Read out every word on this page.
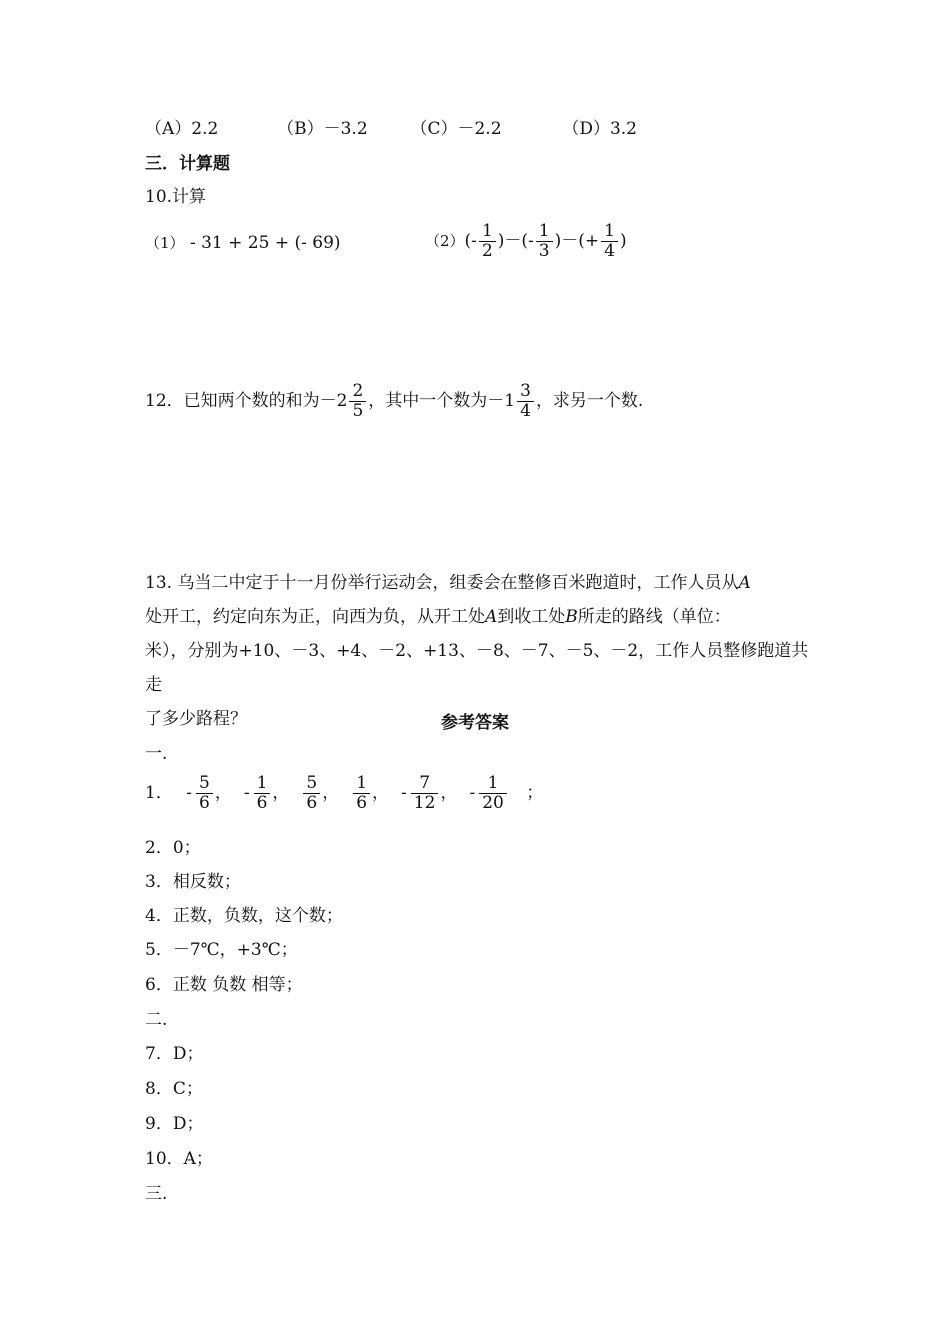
（A）2.2	（B）－3.2	（C）－2.2	（D）3.2
三．计算题
10.计算
（1） - 31 + 25 + (- 69)	$(2)(- \frac{1}{2}$ )－(- $\frac{1}{3}$ )－(+ $\frac{1}{4}$ )
12．已知两个数的和为$-2 \frac{2}{5}$ ，其中一个数为$-1 \frac{3}{4}$ ，求另一个数.
13. 乌当二中定于十一月份举行运动会，组委会在整修百米跑道时，工作人员从A
处开工，约定向东为正，向西为负，从开工处A到收工处B所走的路线（单位：
米），分别为+10、－3、+4、－2、+13、－8、－7、－5、－2，工作人员整修跑道共走
了多少路程？	参考答案
一.
1． - $\frac{5}{6}$ ， - $\frac{1}{6}$ ， $\frac{5}{6}$ ， $\frac{1}{6}$ ， - $\frac{7}{12}$ ， - $\frac{1}{20}$ ；
2．0；
3．相反数；
4．正数，负数，这个数；
5．－7℃，+3℃；
6．正数 负数 相等；
二.
7．D；
8．C；
9．D；
10．A；
三.
